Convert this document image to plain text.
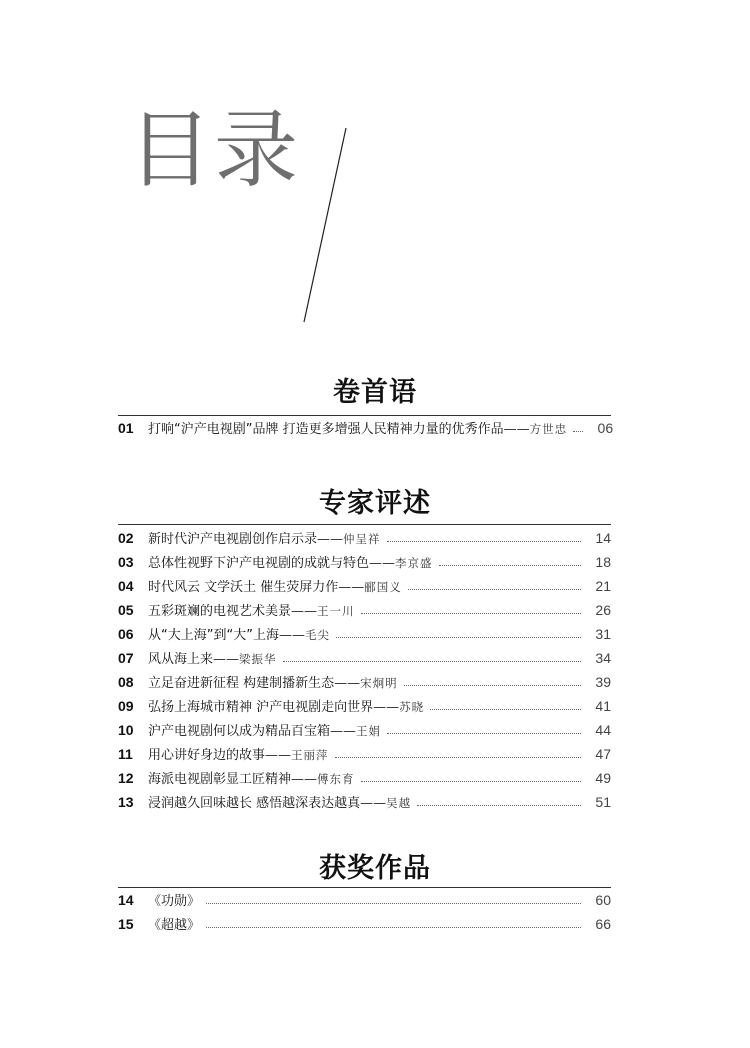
目录
卷首语
01	打响“沪产电视剧”品牌 打造更多增强人民精神力量的优秀作品 —— 方世忠	06
专家评述
02	新时代沪产电视剧创作启示录 —— 仲呈祥	14
03	总体性视野下沪产电视剧的成就与特色 —— 李京盛	18
04	时代风云 文学沃土 催生荧屏力作 —— 郦国义	21
05	五彩斑斓的电视艺术美景 —— 王一川	26
06	从“大上海”到“大”上海 —— 毛尖	31
07	风从海上来 —— 梁振华	34
08	立足奋进新征程 构建制播新生态 —— 宋炯明	39
09	弘扬上海城市精神 沪产电视剧走向世界 —— 苏晓	41
10	沪产电视剧何以成为精品百宝箱 —— 王娟	44
11	用心讲好身边的故事 —— 王丽萍	47
12	海派电视剧彰显工匠精神 —— 傅东育	49
13	浸润越久回味越长 感悟越深表达越真 —— 吴越	51
获奖作品
14	《功勋》	60
15	《超越》	66
